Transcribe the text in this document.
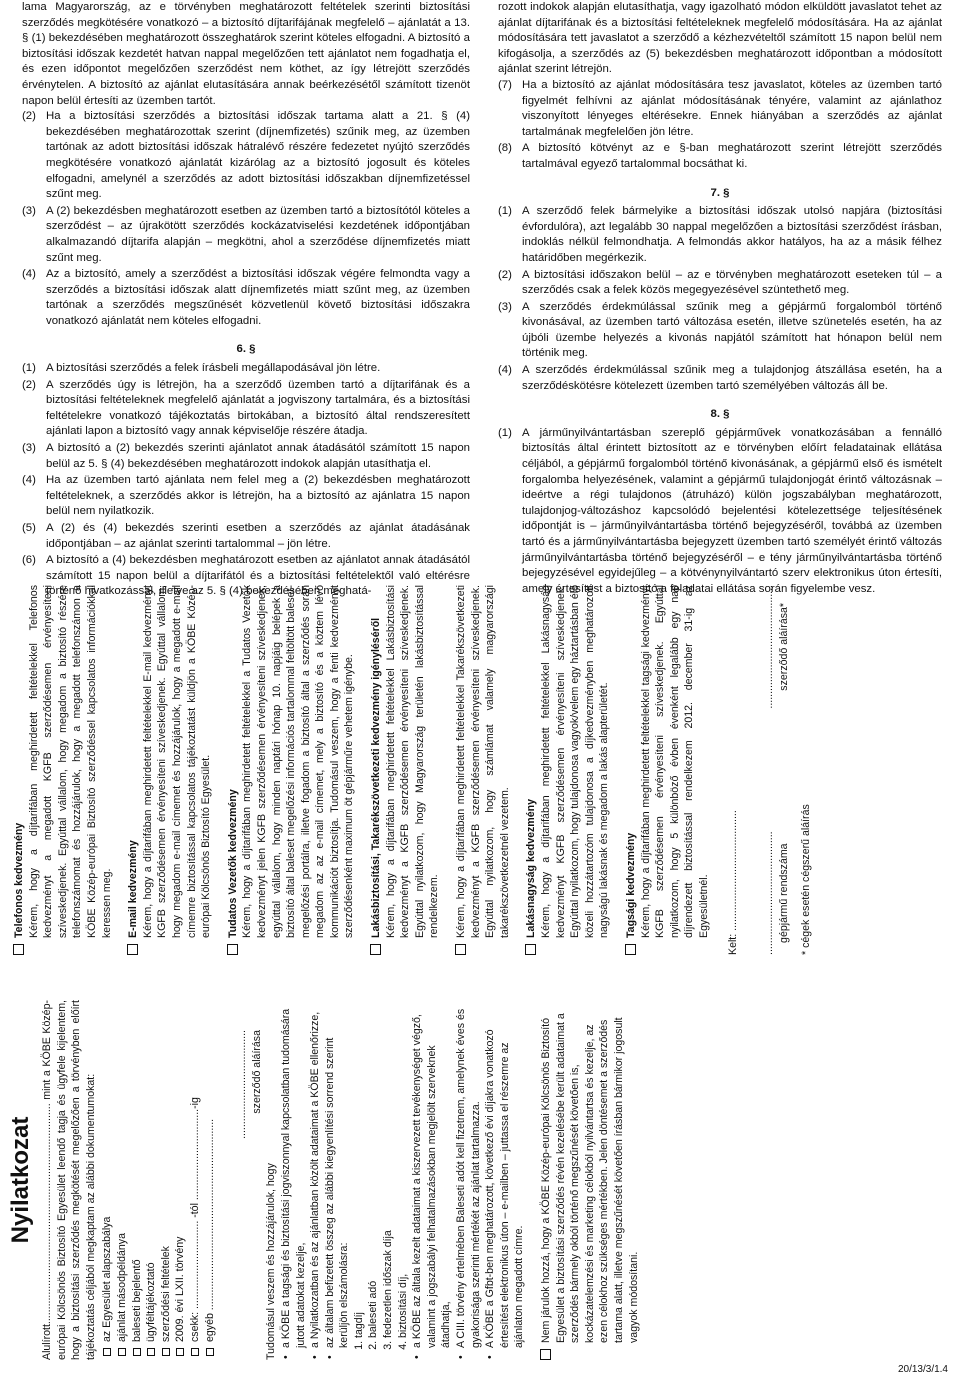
lama Magyarország, az e törvényben meghatározott feltételek szerinti biztosítási szerződés megkötésére vonatkozó – a biztosító díjtarifájának megfelelő – ajánlatát a 13. § (1) bekezdésében meghatározott összeghatárok szerint köteles elfogadni. A biztosító a biztosítási időszak kezdetét hatvan nappal megelőzően tett ajánlatot nem fogadhatja el, és ezen időpontot megelőzően szerződést nem köthet, az így létrejött szerződés érvénytelen. A biztosító az ajánlat elutasítására annak beérkezésétől számított tizenöt napon belül értesíti az üzemben tartót.

(2) Ha a biztosítási szerződés a biztosítási időszak tartama alatt a 21. § (4) bekezdésében meghatározottak szerint (díjnemfizetés) szűnik meg, az üzemben tartónak az adott biztosítási időszak hátralévő részére fedezetet nyújtó szerződés megkötésére vonatkozó ajánlatát kizárólag az a biztosító jogosult és köteles elfogadni, amelynél a szerződés az adott biztosítási időszakban díjnemfizetéssel szűnt meg.
(3) A (2) bekezdésben meghatározott esetben az üzemben tartó a biztosítótól köteles a szerződést – az újrakötött szerződés kockázatviselési kezdetének időpontjában alkalmazandó díjtarifa alapján – megkötni, ahol a szerződése díjnemfizetés miatt szűnt meg.
(4) Az a biztosító, amely a szerződést a biztosítási időszak végére felmondta vagy a szerződés a biztosítási időszak alatt díjnemfizetés miatt szűnt meg, az üzemben tartónak a szerződés megszűnését közvetlenül követő biztosítási időszakra vonatkozó ajánlatát nem köteles elfogadni.
6. §
(1) A biztosítási szerződés a felek írásbeli megállapodásával jön létre.
(2) A szerződés úgy is létrejön, ha a szerződő üzemben tartó a díjtarifának és a biztosítási feltételeknek megfelelő ajánlatát a jogviszony tartalmára, és a biztosítási feltételekre vonatkozó tájékoztatás birtokában, a biztosító által rendszeresített ajánlati lapon a biztosító vagy annak képviselője részére átadja.
(3) A biztosító a (2) bekezdés szerinti ajánlatot annak átadásától számított 15 napon belül az 5. § (4) bekezdésében meghatározott indokok alapján utasíthatja el.
(4) Ha az üzemben tartó ajánlata nem felel meg a (2) bekezdésben meghatározott feltételeknek, a szerződés akkor is létrejön, ha a biztosító az ajánlatra 15 napon belül nem nyilatkozik.
(5) A (2) és (4) bekezdés szerinti esetben a szerződés az ajánlat átadásának időpontjában – az ajánlat szerinti tartalommal – jön létre.
(6) A biztosító a (4) bekezdésben meghatározott esetben az ajánlatot annak átadásától számított 15 napon belül a díjtarifától és a biztosítási feltételektől való eltérésre történő hivatkozással, illetve az 5. § (4) bekezdésében meghatá-

rozott indokok alapján elutasíthatja, vagy igazolható módon elküldött javaslatot tehet az ajánlat díjtarifának és a biztosítási feltételeknek megfelelő módosítására. Ha az ajánlat módosítására tett javaslatot a szerződő a kézhezvételtől számított 15 napon belül nem kifogásolja, a szerződés az (5) bekezdésben meghatározott időpontban a módosított ajánlat szerint létrejön.

(7) Ha a biztosító az ajánlat módosítására tesz javaslatot, köteles az üzemben tartó figyelmét felhívni az ajánlat módosításának tényére, valamint az ajánlathoz viszonyított lényeges eltérésekre. Ennek hiányában a szerződés az ajánlat tartalmának megfelelően jön létre.
(8) A biztosító kötvényt az e §-ban meghatározott szerint létrejött szerződés tartalmával egyező tartalommal bocsáthat ki.
7. §
(1) A szerződő felek bármelyike a biztosítási időszak utolsó napjára (biztosítási évfordulóra), azt legalább 30 nappal megelőzően a biztosítási szerződést írásban, indoklás nélkül felmondhatja. A felmondás akkor hatályos, ha az a másik félhez határidőben megérkezik.
(2) A biztosítási időszakon belül – az e törvényben meghatározott eseteken túl – a szerződés csak a felek közös megegyezésével szüntethető meg.
(3) A szerződés érdekmúlással szűnik meg a gépjármű forgalomból történő kivonásával, az üzemben tartó változása esetén, illetve szünetelés esetén, ha az újbóli üzembe helyezés a kivonás napjától számított hat hónapon belül nem történik meg.
(4) A szerződés érdekmúlással szűnik meg a tulajdonjog átszállása esetén, ha a szerződéskötésre kötelezett üzemben tartó személyében változás áll be.
8. §
(1) A járműnyilvántartásban szereplő gépjárművek vonatkozásában a fennálló biztosítás által érintett biztosított az e törvényben előírt feladatainak ellátása céljából, a gépjármű forgalomból történő kivonásának, a gépjármű első és ismételt forgalomba helyezésének, valamint a gépjármű tulajdonjogát érintő változásnak – ideértve a régi tulajdonos (átruházó) külön jogszabályban meghatározott, tulajdonjog-változáshoz kapcsolódó bejelentési kötelezettsége teljesítésének időpontját is – járműnyilvántartásba történő bejegyzéséről, továbbá az üzemben tartó és a járműnyilvántartásba bejegyzett üzemben tartó személyét érintő változás járműnyilvántartásba történő bejegyzéséről – e tény járműnyilvántartásba történő bejegyzésével egyidejűleg – a kötvénynyilvántartó szerv elektronikus úton értesíti, amely értesítést a biztosító a feladatai ellátása során figyelembe vesz.
Nyilatkozat Alulírott........................................................................... mint a KÖBE Közép-európai Kölcsönös Biztosító Egyesület leendő tagja és ügyfele kijelentem, hogy a biztosítási szerződés megkötését megelőzően a törvényben előírt tájékoztatás céljából megkaptam az alábbi dokumentumokat: az Egyesület alapszabálya ajánlat másodpéldánya baleseti bejelentő ügyféltájékoztató szerződési feltételek 2009. évi LXII. törvény csekk: .............................. -tól ...............................-ig egyéb .................................................................
..................................... szerződő aláírása

Tudomásul veszem és hozzájárulok, hogy • a KÖBE a tagsági és biztosítási jogviszonnyal kapcsolatban tudomására jutott adatokat kezelje, • a Nyilatkozatban és az ajánlatban közölt adataimat a KÖBE ellenőrizze, • az általam befizetett összeg az alábbi kiegyenlítési sorrend szerint kerüljön elszámolásra: 1. tagdíj 2. baleseti adó 3. fedezetlen időszak díja 4. biztosítási díj, • a KÖBE az általa kezelt adataimat a kiszervezett tevékenységet végző, valamint a jogszabályi felhatalmazásokban megjelölt szerveknek átadhatja, • A CIII. törvény értelmében Baleseti adót kell fizetnem, amelynek éves és gyakorisága szerinti mértékét az ajánlat tartalmazza. • A KÖBE a Gfbt-ben meghatározott, következő évi díjakra vonatkozó értesítést elektronikus úton – e-mailben – juttassa el részemre az ajánlaton megadott címre. Nem járulok hozzá, hogy a KÖBE Közép-európai Kölcsönös Biztosító Egyesület a biztosítási szerződés révén kezelésébe került adataimat a szerződés bármely okból történő megszűnését követően is, kockázatelemzési és marketing célokból nyilvántartsa és kezelje, az ezen célokhoz szükséges mértékben. Jelen döntésemet a szerződés tartama alatt, illetve megszűnését követően írásban bármikor jogosult vagyok módosítani.
Telefonos kedvezmény Kérem, hogy a díjtarifában meghirdetett feltételekkel Telefonos kedvezményt a megadott KGFB szerződésemen érvényesíteni szíveskedjenek. Egyúttal vállalom, hogy megadom a biztosító részére telefonszámomat és hozzájárulok, hogy a megadott telefonszámon a KÖBE Közép-európai Biztosító szerződéssel kapcsolatos információkkal keressen meg. E-mail kedvezmény Kérem, hogy a díjtarifában meghirdetett feltételekkel E-mail kedvezményt KGFB szerződésemen érvényesíteni szíveskedjenek. Egyúttal vállalom, hogy megadom e-mail címemet és hozzájárulok, hogy a megadott e-mail címemre biztosítással kapcsolatos tájékoztatást küldjön a KÖBE Közép-európai Kölcsönös Biztosító Egyesület. Tudatos Vezetők kedvezmény Kérem, hogy a díjtarifában meghirdetett feltételekkel a Tudatos Vezetők kedvezményt jelen KGFB szerződésemen érvényesíteni szíveskedjenek, egyúttal vállalom, hogy minden naptári hónap 10. napjáig belépek a biztosító által baleset megelőzési információs tartalommal feltöltött baleset-megelőzési portálra, illetve fogadom a biztosító által a szerződés során megadom az az e-mail címemet, mely a biztosító és a köztem lévő kommunikációt biztosítja. Tudomásul veszem, hogy a fenti kedvezményt szerződésenként maximum öt gépjárműre vehetem igénybe. Lakásbiztosítási, Takarékszövetkezeti kedvezmény igényléséről Kérem, hogy a díjtarifában meghirdetett feltételekkel Lakásbiztosítási kedvezményt a KGFB szerződésemen érvényesíteni szíveskedjenek. Egyúttal nyilatkozom, hogy Magyarország területén lakásbiztosítással rendelkezem. Kérem, hogy a díjtarifában meghirdetett feltételekkel Takarékszövetkezeti kedvezményt a KGFB szerződésemen érvényesíteni szíveskedjenek. Egyúttal nyilatkozom, hogy számlámat valamely magyarországi takarékszövetkezetnél vezetem. Lakásnagyság kedvezmény Kérem, hogy a díjtarifában meghirdetett feltételekkel Lakásnagyság kedvezményt KGFB szerződésemen érvényesíteni szíveskedjenek. Egyúttal nyilatkozom, hogy tulajdonosa vagyok/velem egy háztartásban élő közeli hozzátartozóm tulajdonosa a díjkedvezményben meghatározott nagyságú lakásnak és megadom a lakás alapterületét. Tagsági kedvezmény Kérem, hogy a díjtarifában meghirdetett feltételekkel tagsági kedvezményt KGFB szerződésemen érvényesíteni szíveskedjenek. Egyúttal nyilatkozom, hogy 5 különböző évben évenként legalább egy nap díjrendezett biztosítással rendelkezem 2012. december 31-ig az Egyesületnél. Kelt: ......................................... .......................................... gépjármű rendszáma
.......................................... szerződő aláírása*
* cégek esetén cégszerű aláírás
20/13/3/1.4
